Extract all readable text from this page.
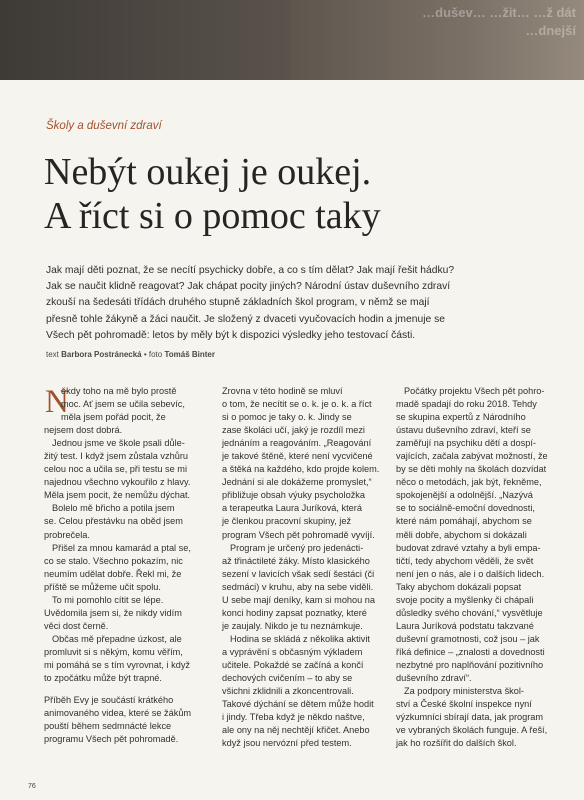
…dušev… …žit… …ž dát
…dnejší
Školy a duševní zdraví
Nebýt oukej je oukej.
A říct si o pomoc taky
Jak mají děti poznat, že se necítí psychicky dobře, a co s tím dělat? Jak mají řešit hádku?
Jak se naučit klidně reagovat? Jak chápat pocity jiných? Národní ústav duševního zdraví
zkouší na šedesáti třídách druhého stupně základních škol program, v němž se mají
přesně tohle žákyně a žáci naučit. Je složený z dvaceti vyučovacích hodin a jmenuje se
Všech pět pohromadě: letos by měly být k dispozici výsledky jeho testovací části.
text Barbora Postránecká • foto Tomáš Binter
N
ěkdy toho na mě bylo prostě
moc. Ať jsem se učila sebevíc,
měla jsem pořád pocit, že
nejsem dost dobrá.
Jednou jsme ve škole psali důle-
žitý test. I když jsem zůstala vzhůru
celou noc a učila se, při testu se mi
najednou všechno vykouřilo z hlavy.
Měla jsem pocit, že nemůžu dýchat.
Bolelo mě břicho a potila jsem
se. Celou přestávku na oběd jsem
probrečela.
Přišel za mnou kamarád a ptal se,
co se stalo. Všechno pokazím, nic
neumím udělat dobře. Řekl mi, že
příště se můžeme učit spolu.
To mi pomohlo cítit se lépe.
Uvědomila jsem si, že nikdy vidím
věci dost černě.
Občas mě přepadne úzkost, ale
promluvit si s někým, komu věřím,
mi pomáhá se s tím vyrovnat, i když
to zpočátku může být trapné.
Příběh Evy je součástí krátkého
animovaného videa, které se žákům
pouští během sedmnácté lekce
programu Všech pět pohromadě.
Zrovna v této hodině se mluví
o tom, že necítit se o. k. je o. k. a říct
si o pomoc je taky o. k. Jindy se
zase školáci učí, jaký je rozdíl mezi
jednáním a reagováním. „Reagování
je takové štěně, které není vycvičené
a štěká na každého, kdo projde kolem.
Jednání si ale dokážeme promyslet,“
přibližuje obsah výuky psycholožka
a terapeutka Laura Juríková, která
je členkou pracovní skupiny, jež
program Všech pět pohromadě vyvíjí.
Program je určený pro jedenácti-
až třináctileté žáky. Místo klasického
sezení v lavicích však sedí šestáci (či
sedmáci) v kruhu, aby na sebe viděli.
U sebe mají deníky, kam si mohou na
konci hodiny zapsat poznatky, které
je zaujaly. Nikdo je tu neznámkuje.
Hodina se skládá z několika aktivit
a vyprávění s občasným výkladem
učitele. Pokaždé se začíná a končí
dechových cvičením – to aby se
všichni zklidnili a zkoncentrovali.
Takové dýchání se dětem může hodit
i jindy. Třeba když je někdo naštve,
ale ony na něj nechtějí křičet. Anebo
když jsou nervózní před testem.
Počátky projektu Všech pět pohro-
madě spadají do roku 2018. Tehdy
se skupina expertů z Národního
ústavu duševního zdraví, kteří se
zaměřují na psychiku dětí a dospí-
vajících, začala zabývat možností, že
by se děti mohly na školách dozvídat
něco o metodách, jak být, řekněme,
spokojenější a odolnější. „Nazývá
se to sociálně-emoční dovednosti,
které nám pomáhají, abychom se
měli dobře, abychom si dokázali
budovat zdravé vztahy a byli empa-
tičtí, tedy abychom věděli, že svět
není jen o nás, ale i o dalších lidech.
Taky abychom dokázali popsat
svoje pocity a myšlenky či chápali
důsledky svého chování,“ vysvětluje
Laura Juríková podstatu takzvané
duševní gramotnosti, což jsou – jak
říká definice – „znalosti a dovednosti
nezbytné pro naplňování pozitivního
duševního zdraví“.
Za podpory ministerstva škol-
ství a České školní inspekce nyní
výzkumníci sbírají data, jak program
ve vybraných školách funguje. A řeší,
jak ho rozšířit do dalších škol.
76
